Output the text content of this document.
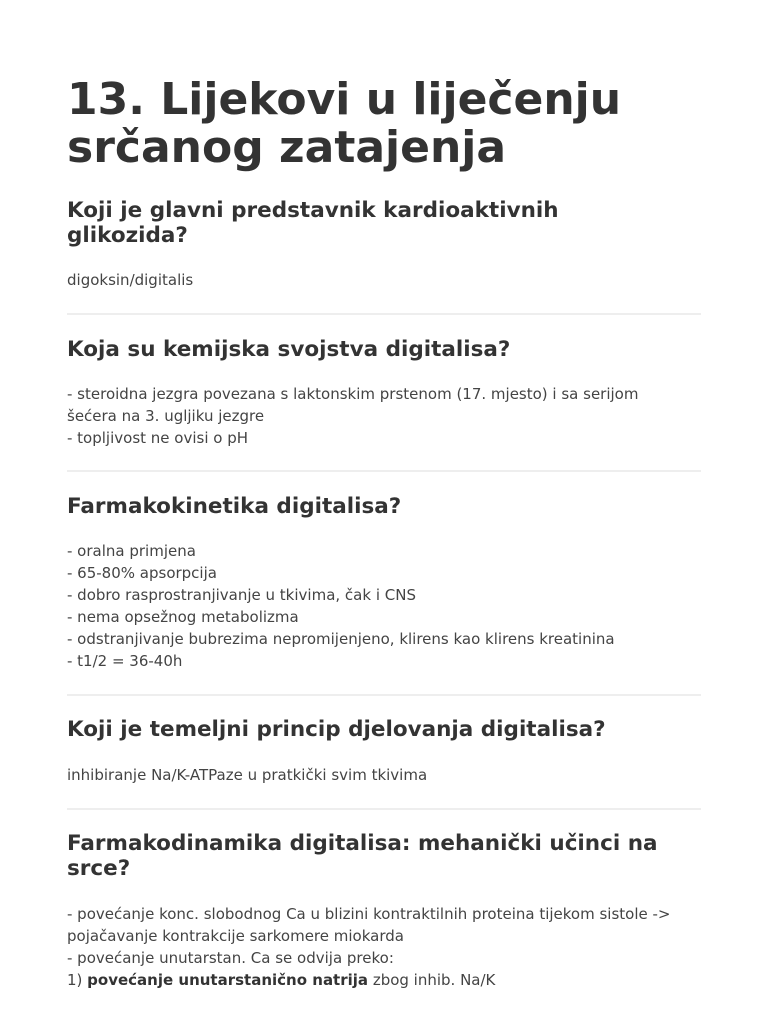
13. Lijekovi u liječenju srčanog zatajenja
Koji je glavni predstavnik kardioaktivnih glikozida?
digoksin/digitalis
Koja su kemijska svojstva digitalisa?
- steroidna jezgra povezana s laktonskim prstenom (17. mjesto) i sa serijom
šećera na 3. ugljiku jezgre
- topljivost ne ovisi o pH
Farmakokinetika digitalisa?
- oralna primjena
- 65-80% apsorpcija
- dobro rasprostranjivanje u tkivima, čak i CNS
- nema opsežnog metabolizma
- odstranjivanje bubrezima nepromijenjeno, klirens kao klirens kreatinina
- t1/2 = 36-40h
Koji je temeljni princip djelovanja digitalisa?
inhibiranje Na/K-ATPaze u pratkički svim tkivima
Farmakodinamika digitalisa: mehanički učinci na srce?
- povećanje konc. slobodnog Ca u blizini kontraktilnih proteina tijekom sistole ->
pojačavanje kontrakcije sarkomere miokarda
- povećanje unutarstan. Ca se odvija preko:
1) povećanje unutarstanično natrija zbog inhib. Na/K
